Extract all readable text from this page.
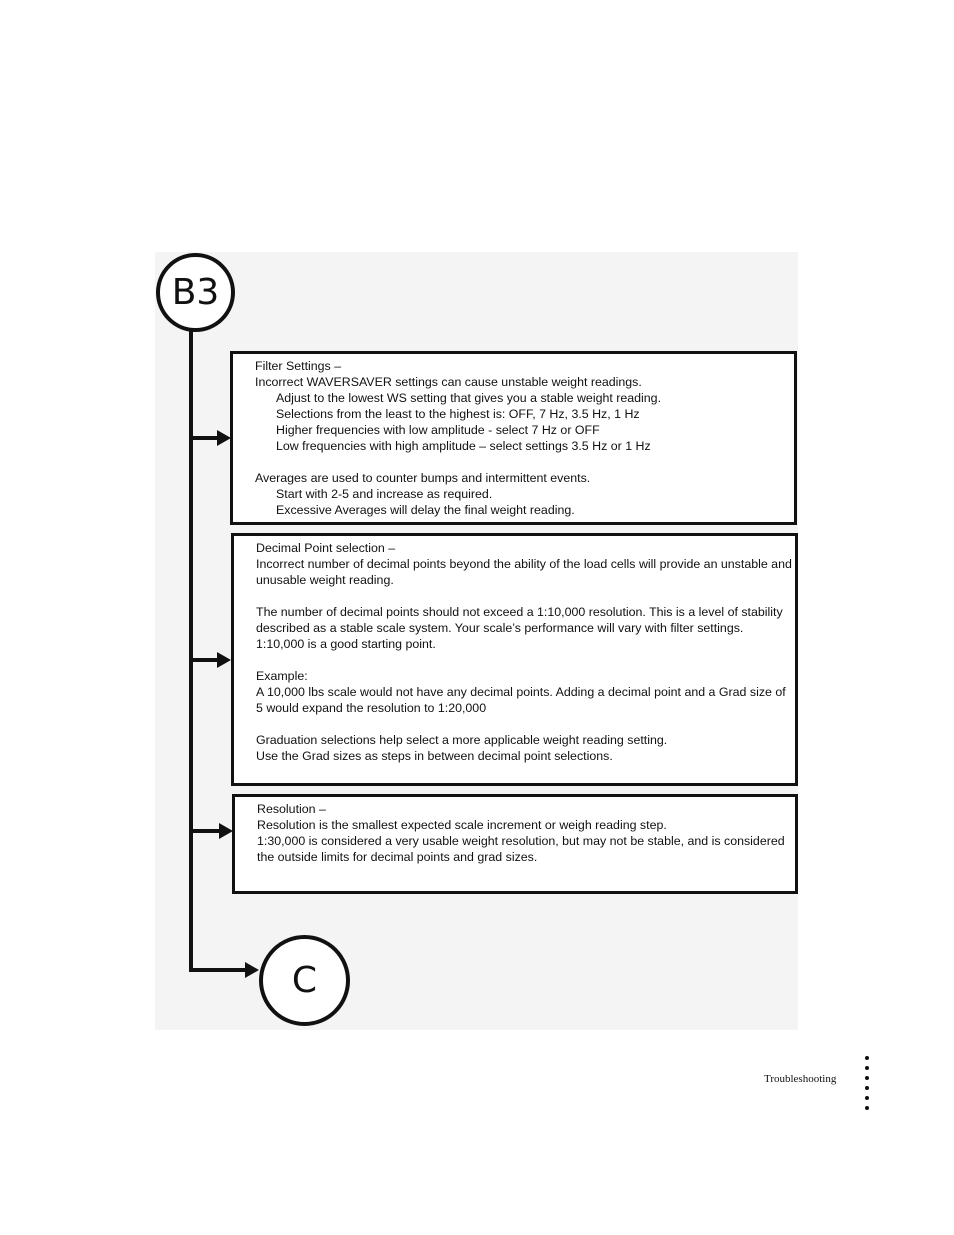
B3
C
Filter Settings –
Incorrect WAVERSAVER settings can cause unstable weight readings.
Adjust to the lowest WS setting that gives you a stable weight reading.
Selections from the least to the highest is: OFF, 7 Hz, 3.5 Hz, 1 Hz
Higher frequencies with low amplitude - select 7 Hz or OFF
Low frequencies with high amplitude – select settings 3.5 Hz or 1 Hz
Averages are used to counter bumps and intermittent events.
Start with 2-5 and increase as required.
Excessive Averages will delay the final weight reading.
Decimal Point selection –
Incorrect number of decimal points beyond the ability of the load cells will provide an unstable and
unusable weight reading.
The number of decimal points should not exceed a 1:10,000 resolution. This is a level of stability
described as a stable scale system. Your scale’s performance will vary with filter settings.
1:10,000 is a good starting point.
Example:
A 10,000 lbs scale would not have any decimal points. Adding a decimal point and a Grad size of
5 would expand the resolution to 1:20,000
Graduation selections help select a more applicable weight reading setting.
Use the Grad sizes as steps in between decimal point selections.
Resolution –
Resolution is the smallest expected scale increment or weigh reading step.
1:30,000 is considered a very usable weight resolution, but may not be stable, and is considered
the outside limits for decimal points and grad sizes.
Troubleshooting
